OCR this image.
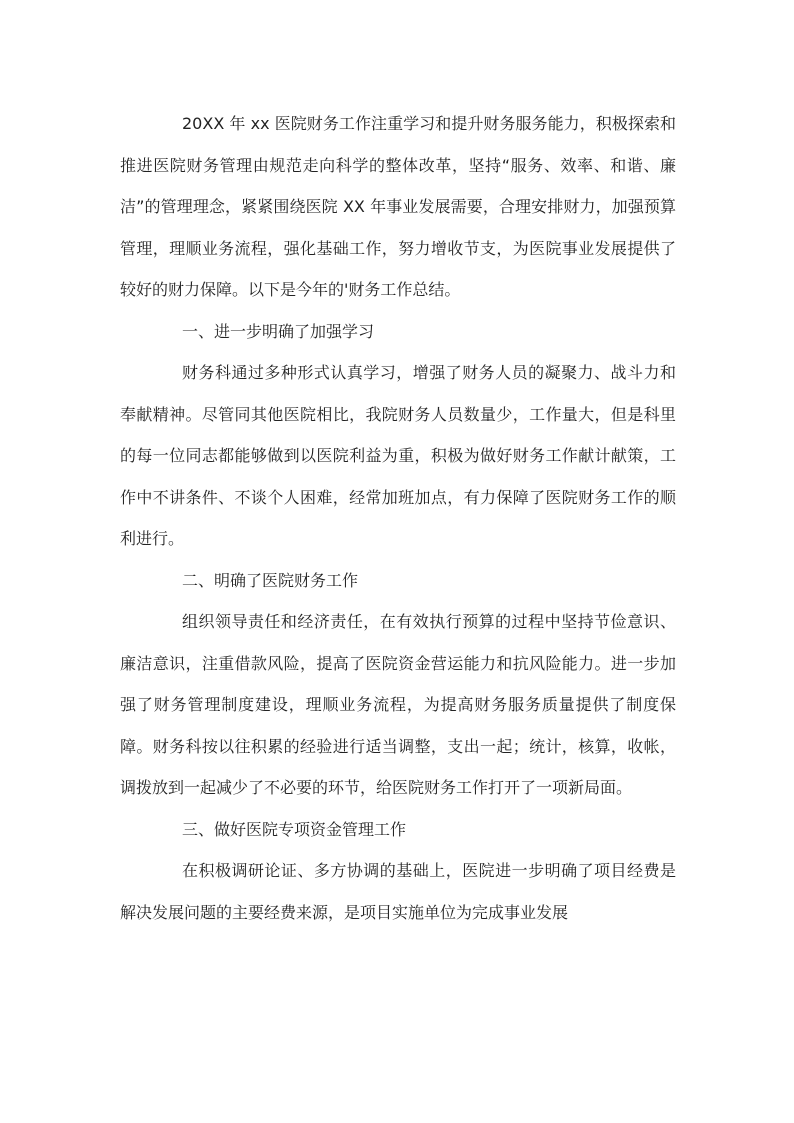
20XX 年 xx 医院财务工作注重学习和提升财务服务能力，积极探索和推进医院财务管理由规范走向科学的整体改革，坚持“服务、效率、和谐、廉洁”的管理理念，紧紧围绕医院 XX 年事业发展需要，合理安排财力，加强预算管理，理顺业务流程，强化基础工作，努力增收节支，为医院事业发展提供了较好的财力保障。以下是今年的'财务工作总结。

一、进一步明确了加强学习

财务科通过多种形式认真学习，增强了财务人员的凝聚力、战斗力和奉献精神。尽管同其他医院相比，我院财务人员数量少，工作量大，但是科里的每一位同志都能够做到以医院利益为重，积极为做好财务工作献计献策，工作中不讲条件、不谈个人困难，经常加班加点，有力保障了医院财务工作的顺利进行。

二、明确了医院财务工作

组织领导责任和经济责任，在有效执行预算的过程中坚持节俭意识、廉洁意识，注重借款风险，提高了医院资金营运能力和抗风险能力。进一步加强了财务管理制度建设，理顺业务流程，为提高财务服务质量提供了制度保障。财务科按以往积累的经验进行适当调整，支出一起；统计，核算，收帐，调拨放到一起减少了不必要的环节，给医院财务工作打开了一项新局面。

三、做好医院专项资金管理工作

在积极调研论证、多方协调的基础上，医院进一步明确了项目经费是解决发展问题的主要经费来源，是项目实施单位为完成事业发展
